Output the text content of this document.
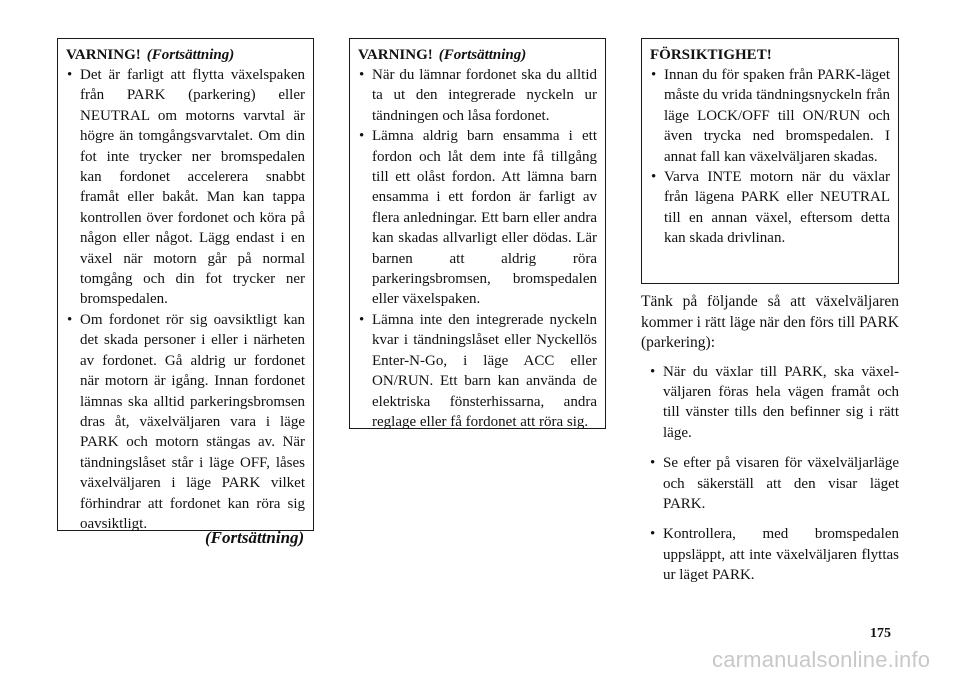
VARNING! (Fortsättning)
• Det är farligt att flytta växelspaken från PARK (parkering) eller NEUTRAL om motorns varvtal är högre än tomgångsvarvtalet. Om din fot inte trycker ner bromspedalen kan fordonet accelerera snabbt framåt eller bakåt. Man kan tappa kontrollen över fordonet och köra på någon eller något. Lägg endast i en växel när motorn går på normal tomgång och din fot trycker ner bromspedalen.
• Om fordonet rör sig oavsiktligt kan det skada personer i eller i närheten av fordonet. Gå aldrig ur fordonet när motorn är igång. Innan fordonet lämnas ska alltid parkeringsbromsen dras åt, växelväljaren vara i läge PARK och motorn stängas av. När tändningslåset står i läge OFF, låses växelväljaren i läge PARK vilket förhindrar att fordonet kan röra sig oavsiktligt.
(Fortsättning)
VARNING! (Fortsättning)
• När du lämnar fordonet ska du alltid ta ut den integrerade nyckeln ur tändningen och låsa fordonet.
• Lämna aldrig barn ensamma i ett fordon och låt dem inte få tillgång till ett olåst fordon. Att lämna barn ensamma i ett fordon är farligt av flera anledningar. Ett barn eller andra kan skadas allvarligt eller dödas. Lär barnen att aldrig röra parkeringsbromsen, bromspedalen eller växelspaken.
• Lämna inte den integrerade nyckeln kvar i tändningslåset eller Nyckellös Enter-N-Go, i läge ACC eller ON/RUN. Ett barn kan använda de elektriska fönsterhissarna, andra reglage eller få fordonet att röra sig.
FÖRSIKTIGHET!
• Innan du för spaken från PARK-läget måste du vrida tändningsnyckeln från läge LOCK/OFF till ON/RUN och även trycka ned bromspedalen. I annat fall kan växelväljaren skadas.
• Varva INTE motorn när du växlar från lägena PARK eller NEUTRAL till en annan växel, eftersom detta kan skada drivlinan.
Tänk på följande så att växelväljaren kommer i rätt läge när den förs till PARK (parkering):
• När du växlar till PARK, ska växelväljaren föras hela vägen framåt och till vänster tills den befinner sig i rätt läge.
• Se efter på visaren för växelväljarläge och säkerställ att den visar läget PARK.
• Kontrollera, med bromspedalen uppsläppt, att inte växelväljaren flyttas ur läget PARK.
175
carmanualsonline.info
